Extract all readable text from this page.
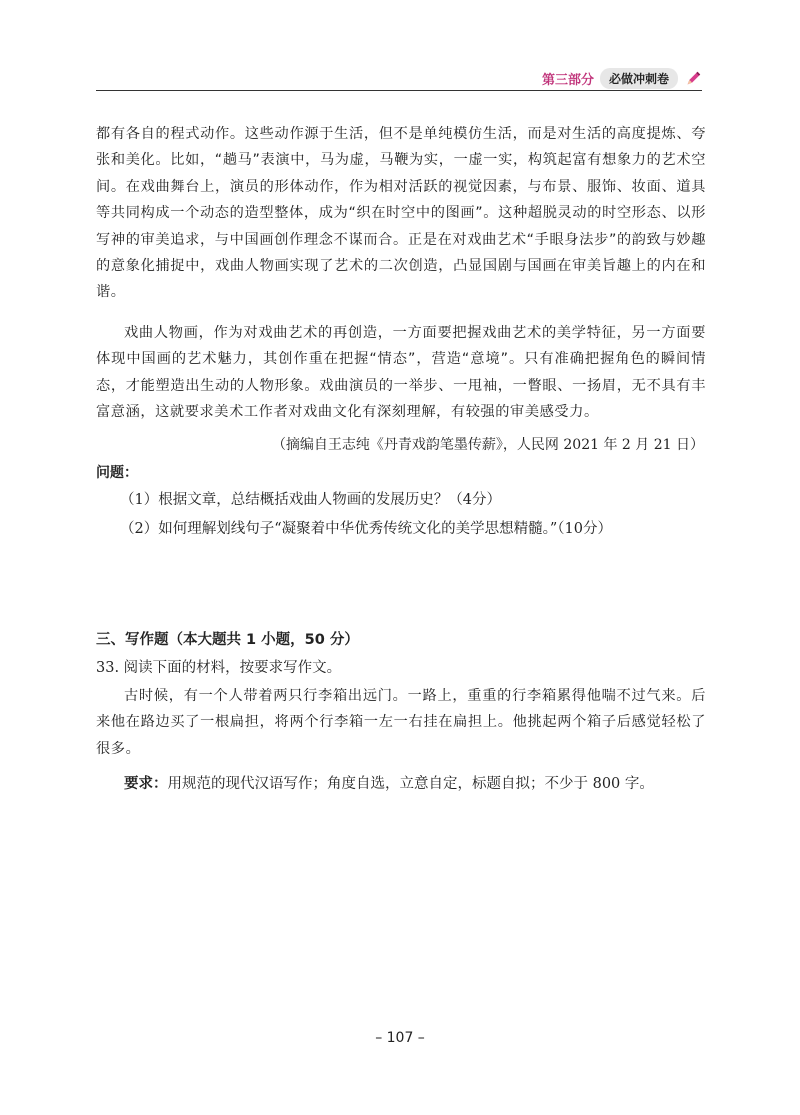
第三部分	必做冲刺卷

都有各自的程式动作。这些动作源于生活，但不是单纯模仿生活，而是对生活的高度提炼、夸张和美化。比如，“趟马”表演中，马为虚，马鞭为实，一虚一实，构筑起富有想象力的艺术空间。在戏曲舞台上，演员的形体动作，作为相对活跃的视觉因素，与布景、服饰、妆面、道具等共同构成一个动态的造型整体，成为“织在时空中的图画”。这种超脱灵动的时空形态、以形写神的审美追求，与中国画创作理念不谋而合。正是在对戏曲艺术“手眼身法步”的韵致与妙趣的意象化捕捉中，戏曲人物画实现了艺术的二次创造，凸显国剧与国画在审美旨趣上的内在和谐。

戏曲人物画，作为对戏曲艺术的再创造，一方面要把握戏曲艺术的美学特征，另一方面要体现中国画的艺术魅力，其创作重在把握“情态”，营造“意境”。只有准确把握角色的瞬间情态，才能塑造出生动的人物形象。戏曲演员的一举步、一甩袖，一瞥眼、一扬眉，无不具有丰富意涵，这就要求美术工作者对戏曲文化有深刻理解，有较强的审美感受力。

（摘编自王志纯《丹青戏韵笔墨传薪》，人民网 2021 年 2 月 21 日）
问题：
（1）根据文章，总结概括戏曲人物画的发展历史？（4分）
（2）如何理解划线句子“凝聚着中华优秀传统文化的美学思想精髓。”（10分）
三、写作题（本大题共 1 小题，50 分）
33. 阅读下面的材料，按要求写作文。

古时候，有一个人带着两只行李箱出远门。一路上，重重的行李箱累得他喘不过气来。后来他在路边买了一根扁担，将两个行李箱一左一右挂在扁担上。他挑起两个箱子后感觉轻松了很多。

要求：用规范的现代汉语写作；角度自选，立意自定，标题自拟；不少于 800 字。
– 107 –
